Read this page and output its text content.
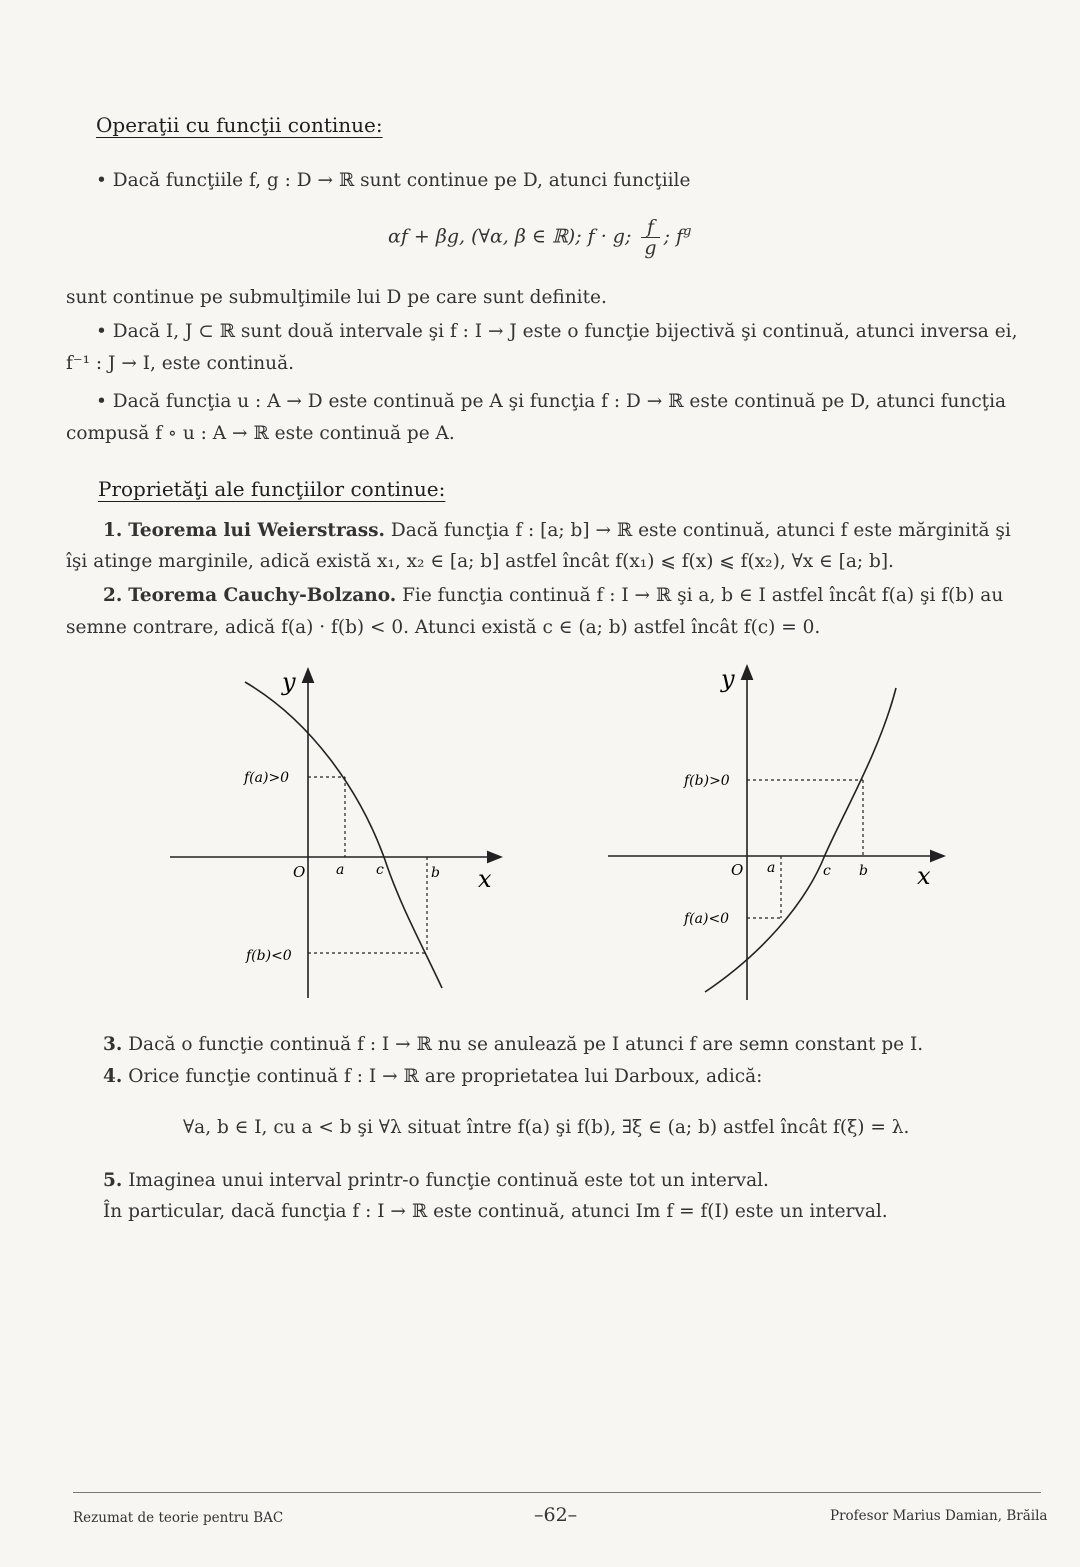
Operaţii cu funcţii continue:
• Dacă funcţiile f, g : D → ℝ sunt continue pe D, atunci funcţiile
αf + βg, (∀α, β ∈ ℝ); f · g; $\frac{f}{g}$ ; $f^g$
sunt continue pe submulţimile lui D pe care sunt definite.
• Dacă I, J ⊂ ℝ sunt două intervale şi f : I → J este o funcţie bijectivă şi continuă, atunci inversa ei,
f⁻¹ : J → I, este continuă.
• Dacă funcţia u : A → D este continuă pe A şi funcţia f : D → ℝ este continuă pe D, atunci funcţia
compusă f ∘ u : A → ℝ este continuă pe A.
Proprietăţi ale funcţiilor continue:
1. Teorema lui Weierstrass. Dacă funcţia f : [a; b] → ℝ este continuă, atunci f este mărginită şi
îşi atinge marginile, adică există x₁, x₂ ∈ [a; b] astfel încât f(x₁) ⩽ f(x) ⩽ f(x₂), ∀x ∈ [a; b].
2. Teorema Cauchy-Bolzano. Fie funcţia continuă f : I → ℝ şi a, b ∈ I astfel încât f(a) şi f(b) au
semne contrare, adică f(a) · f(b) < 0. Atunci există c ∈ (a; b) astfel încât f(c) = 0.
y
x
O a c	b
f(a)>0
f(b)<0
y
x
O a	c b
f(b)>0
f(a)<0
3. Dacă o funcţie continuă f : I → ℝ nu se anulează pe I atunci f are semn constant pe I.
4. Orice funcţie continuă f : I → ℝ are proprietatea lui Darboux, adică:
∀a, b ∈ I, cu a < b şi ∀λ situat între f(a) şi f(b), ∃ξ ∈ (a; b) astfel încât f(ξ) = λ.
5. Imaginea unui interval printr-o funcţie continuă este tot un interval.
În particular, dacă funcţia f : I → ℝ este continuă, atunci Im f = f(I) este un interval.
Rezumat de teorie pentru BAC	–62–	Profesor Marius Damian, Brăila
